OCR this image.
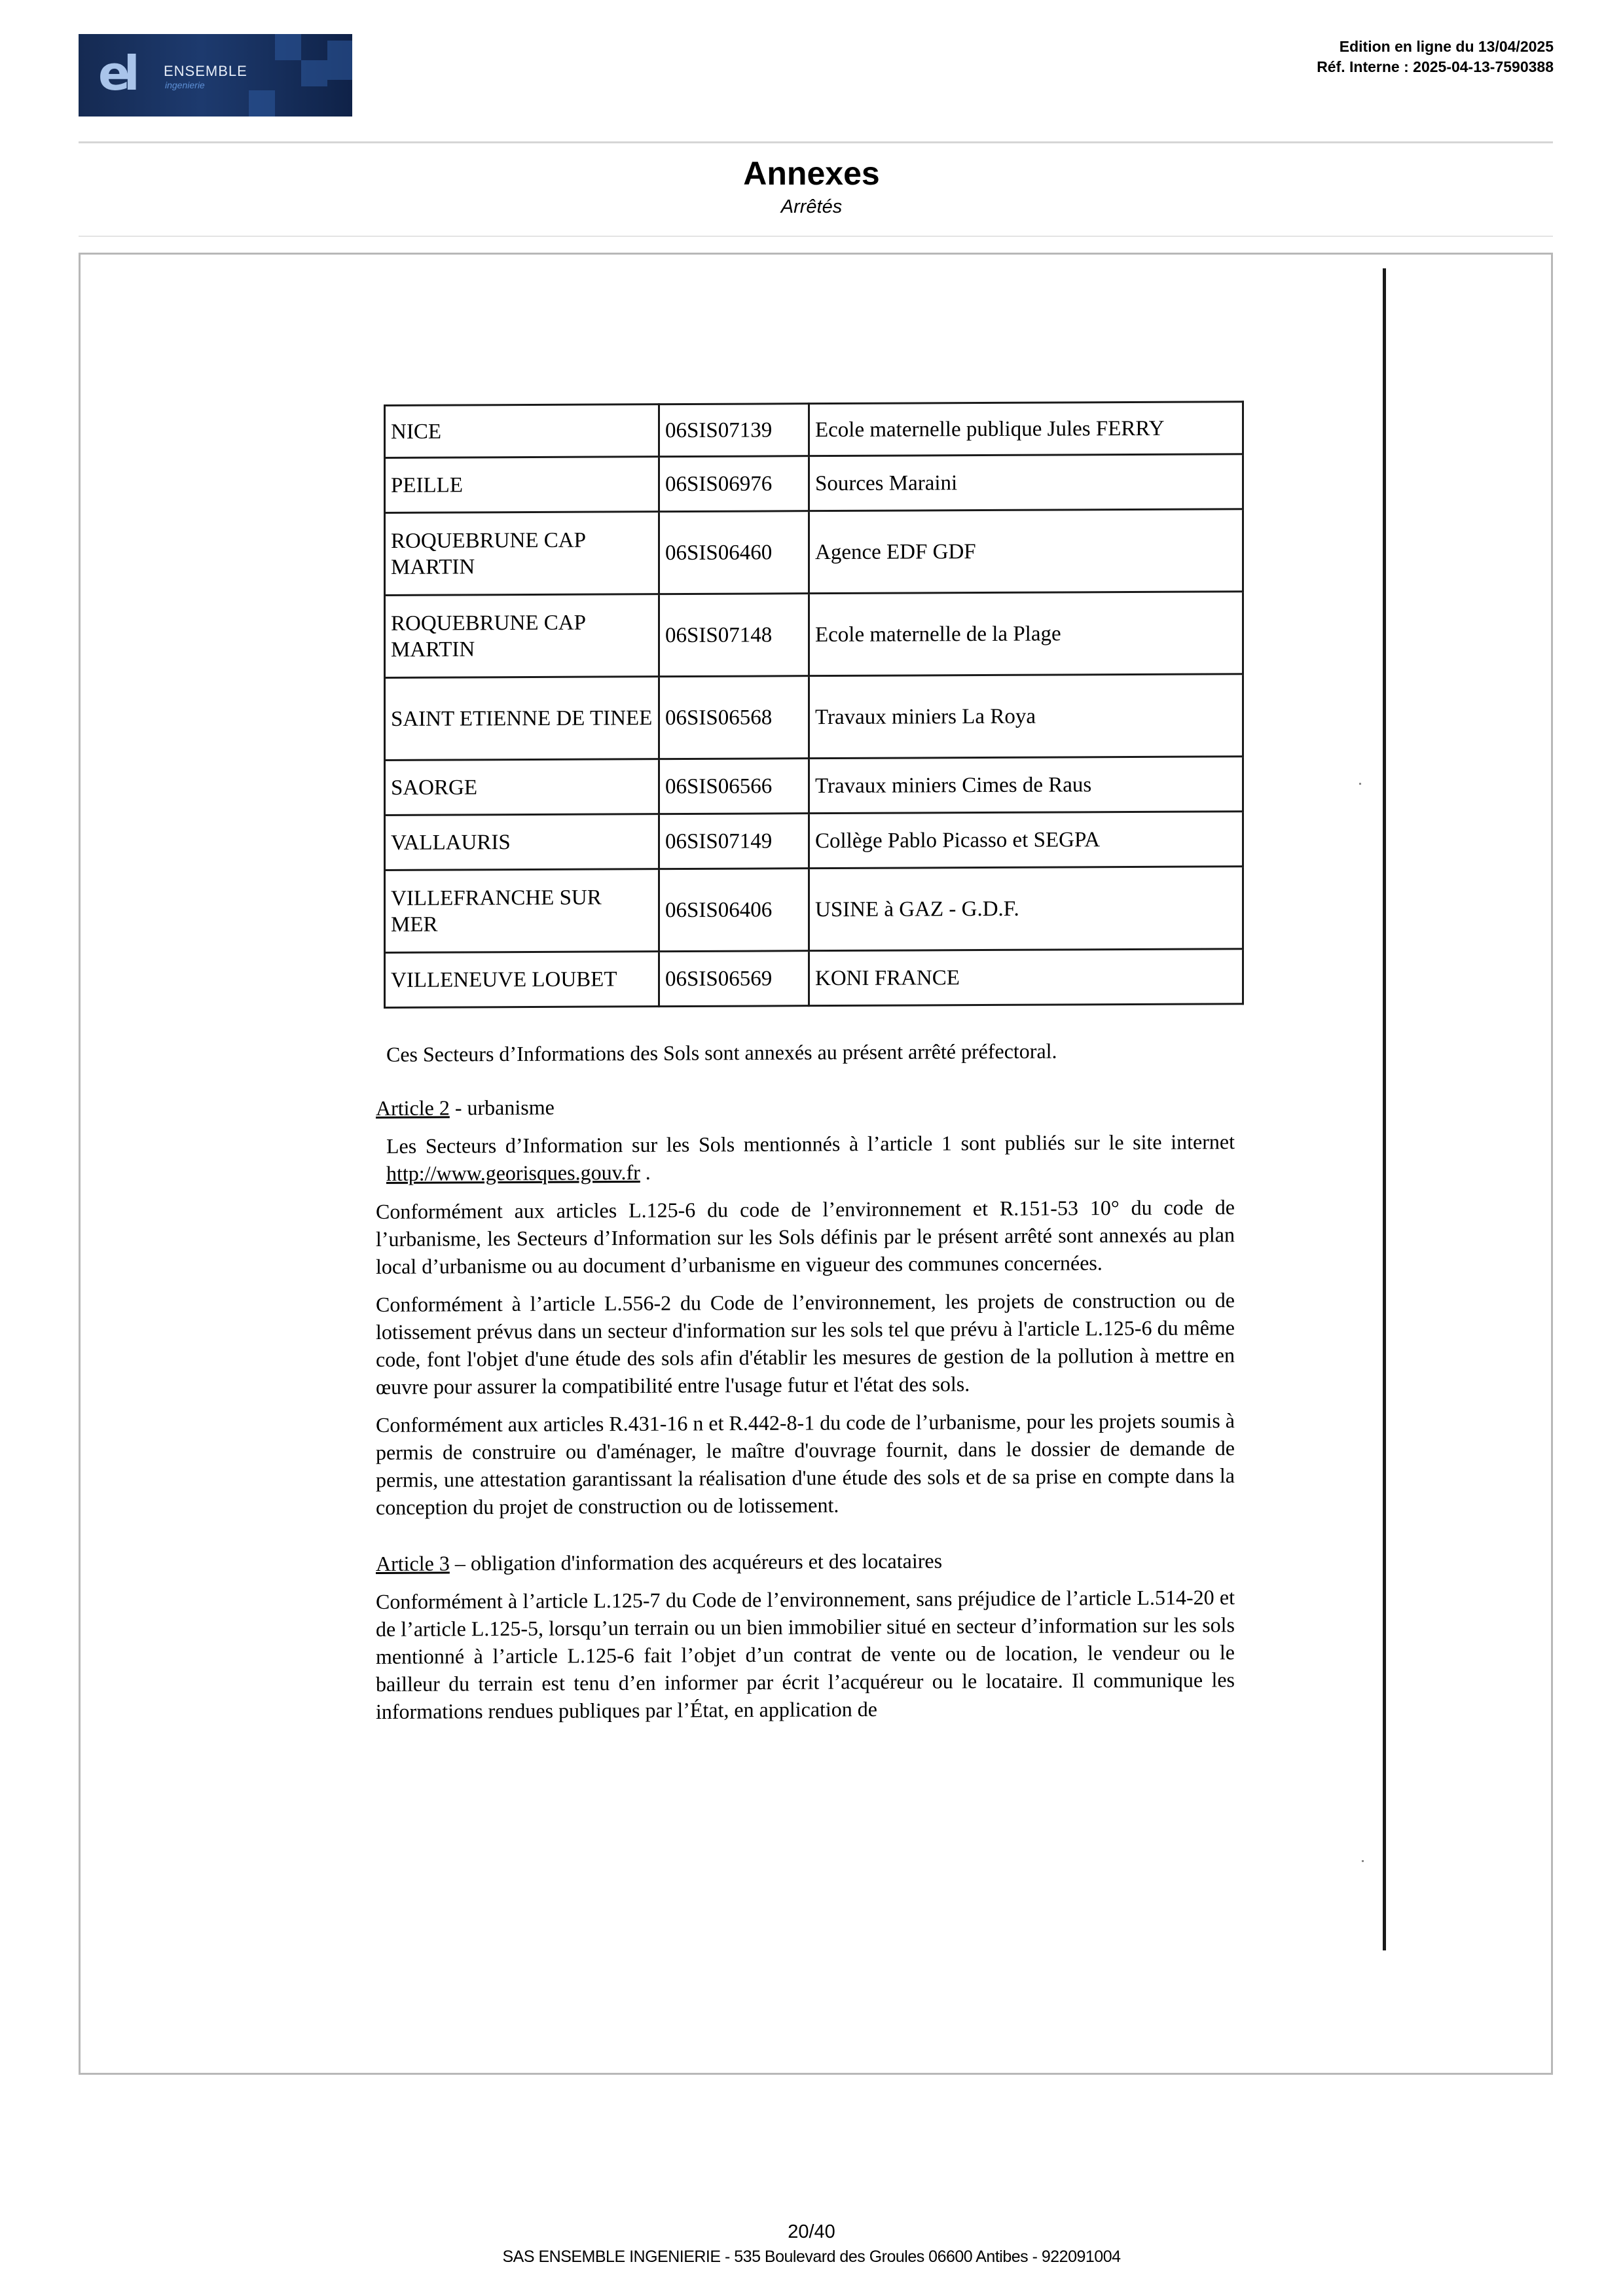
el	ENSEMBLE
ingenierie
Edition en ligne du 13/04/2025
Réf. Interne : 2025-04-13-7590388
Annexes
Arrêtés
NICE	06SIS07139	Ecole maternelle publique Jules FERRY
PEILLE	06SIS06976	Sources Maraini
ROQUEBRUNE CAP MARTIN	06SIS06460	Agence EDF GDF
ROQUEBRUNE CAP MARTIN	06SIS07148	Ecole maternelle de la Plage
SAINT ETIENNE DE TINEE	06SIS06568	Travaux miniers La Roya
SAORGE	06SIS06566	Travaux miniers Cimes de Raus
VALLAURIS	06SIS07149	Collège Pablo Picasso et SEGPA
VILLEFRANCHE SUR MER	06SIS06406	USINE à GAZ - G.D.F.
VILLENEUVE LOUBET	06SIS06569	KONI FRANCE

Ces Secteurs d’Informations des Sols sont annexés au présent arrêté préfectoral.

Article 2 - urbanisme

Les Secteurs d’Information sur les Sols mentionnés à l’article 1 sont publiés sur le site internet http://www.georisques.gouv.fr .

Conformément aux articles L.125-6 du code de l’environnement et R.151-53 10° du code de l’urbanisme, les Secteurs d’Information sur les Sols définis par le présent arrêté sont annexés au plan local d’urbanisme ou au document d’urbanisme en vigueur des communes concernées.

Conformément à l’article L.556-2 du Code de l’environnement, les projets de construction ou de lotissement prévus dans un secteur d'information sur les sols tel que prévu à l'article L.125-6 du même code, font l'objet d'une étude des sols afin d'établir les mesures de gestion de la pollution à mettre en œuvre pour assurer la compatibilité entre l'usage futur et l'état des sols.

Conformément aux articles R.431-16 n et R.442-8-1 du code de l’urbanisme, pour les projets soumis à permis de construire ou d'aménager, le maître d'ouvrage fournit, dans le dossier de demande de permis, une attestation garantissant la réalisation d'une étude des sols et de sa prise en compte dans la conception du projet de construction ou de lotissement.

Article 3 – obligation d'information des acquéreurs et des locataires

Conformément à l’article L.125-7 du Code de l’environnement, sans préjudice de l’article L.514-20 et de l’article L.125-5, lorsqu’un terrain ou un bien immobilier situé en secteur d’information sur les sols mentionné à l’article L.125-6 fait l’objet d’un contrat de vente ou de location, le vendeur ou le bailleur du terrain est tenu d’en informer par écrit l’acquéreur ou le locataire. Il communique les informations rendues publiques par l’État, en application de

20/40
SAS ENSEMBLE INGENIERIE - 535 Boulevard des Groules 06600 Antibes - 922091004
